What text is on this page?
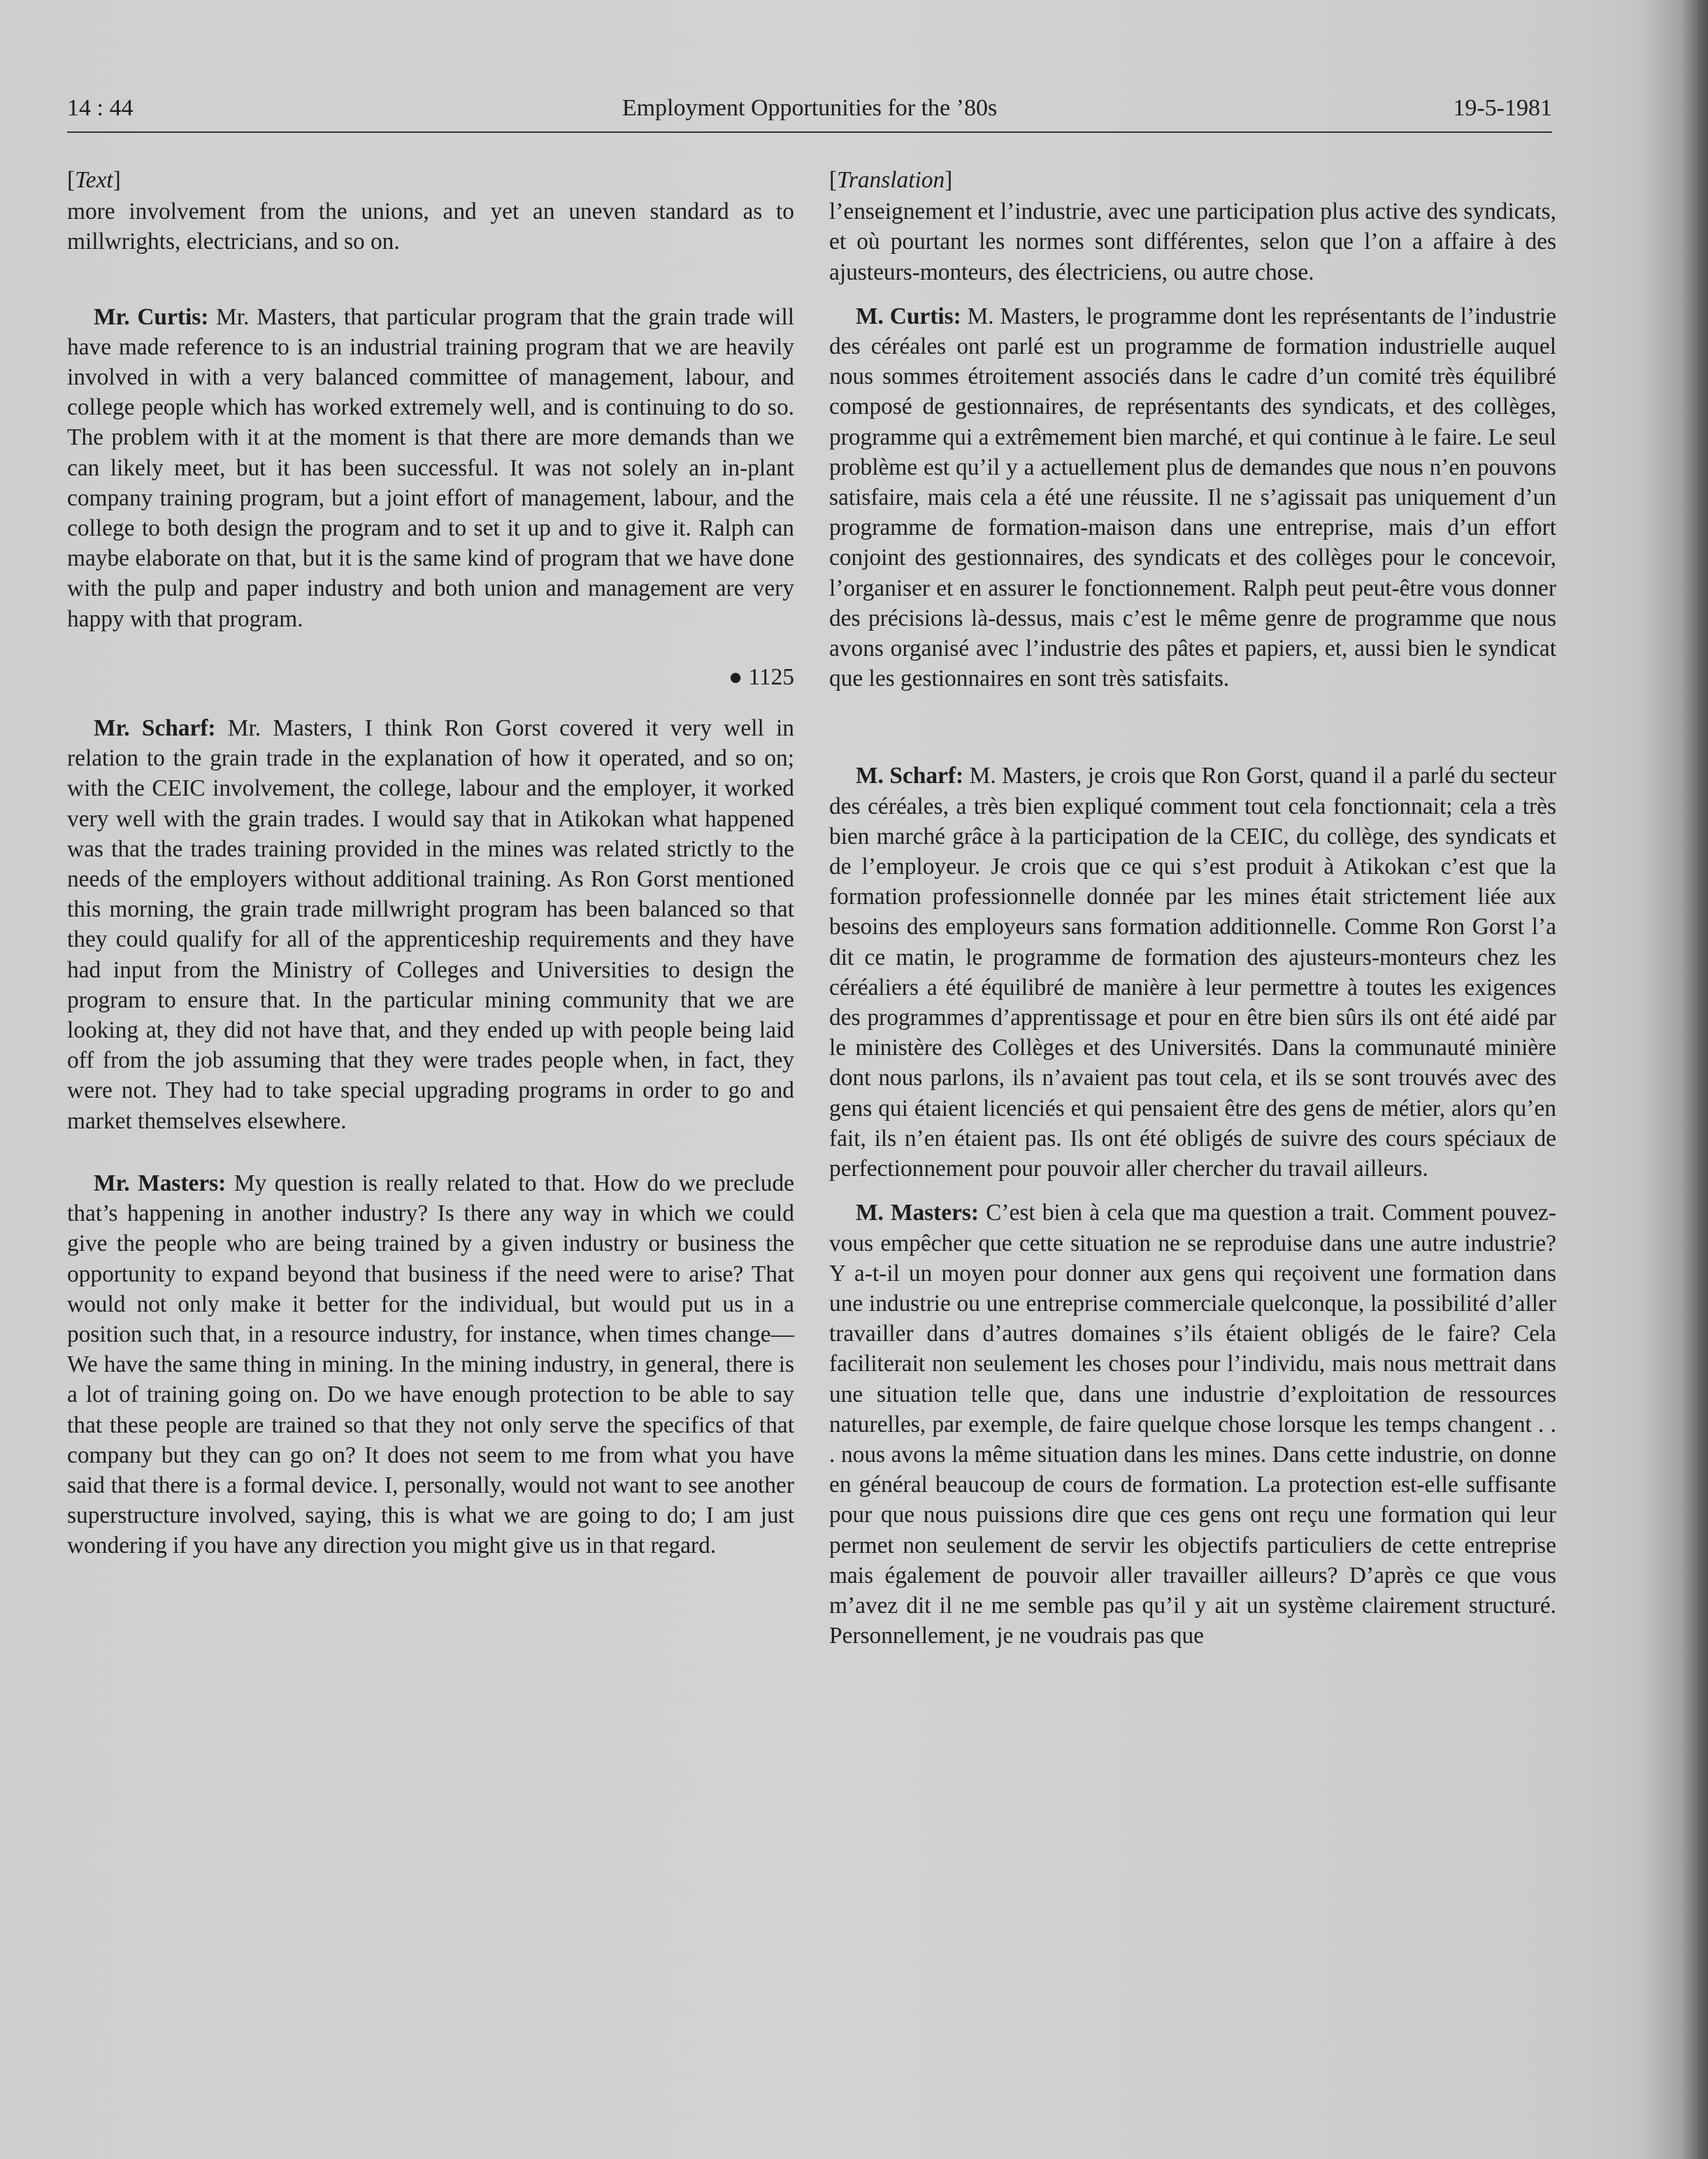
14 : 44	Employment Opportunities for the ’80s	19-5-1981
[Text]

more involvement from the unions, and yet an uneven standard as to millwrights, electricians, and so on.

Mr. Curtis: Mr. Masters, that particular program that the grain trade will have made reference to is an industrial training program that we are heavily involved in with a very balanced committee of management, labour, and college people which has worked extremely well, and is continuing to do so. The problem with it at the moment is that there are more demands than we can likely meet, but it has been successful. It was not solely an in-plant company training program, but a joint effort of management, labour, and the college to both design the program and to set it up and to give it. Ralph can maybe elaborate on that, but it is the same kind of program that we have done with the pulp and paper industry and both union and management are very happy with that program.

● 1125

Mr. Scharf: Mr. Masters, I think Ron Gorst covered it very well in relation to the grain trade in the explanation of how it operated, and so on; with the CEIC involvement, the college, labour and the employer, it worked very well with the grain trades. I would say that in Atikokan what happened was that the trades training provided in the mines was related strictly to the needs of the employers without additional training. As Ron Gorst mentioned this morning, the grain trade millwright program has been balanced so that they could qualify for all of the apprenticeship requirements and they have had input from the Ministry of Colleges and Universities to design the program to ensure that. In the particular mining community that we are looking at, they did not have that, and they ended up with people being laid off from the job assuming that they were trades people when, in fact, they were not. They had to take special upgrading programs in order to go and market themselves elsewhere.

Mr. Masters: My question is really related to that. How do we preclude that’s happening in another industry? Is there any way in which we could give the people who are being trained by a given industry or business the opportunity to expand beyond that business if the need were to arise? That would not only make it better for the individual, but would put us in a position such that, in a resource industry, for instance, when times change—We have the same thing in mining. In the mining industry, in general, there is a lot of training going on. Do we have enough protection to be able to say that these people are trained so that they not only serve the specifics of that company but they can go on? It does not seem to me from what you have said that there is a formal device. I, personally, would not want to see another superstructure involved, saying, this is what we are going to do; I am just wondering if you have any direction you might give us in that regard.

[Translation]

l’enseignement et l’industrie, avec une participation plus active des syndicats, et où pourtant les normes sont différentes, selon que l’on a affaire à des ajusteurs-monteurs, des électriciens, ou autre chose.

M. Curtis: M. Masters, le programme dont les représentants de l’industrie des céréales ont parlé est un programme de formation industrielle auquel nous sommes étroitement associés dans le cadre d’un comité très équilibré composé de gestionnaires, de représentants des syndicats, et des collèges, programme qui a extrêmement bien marché, et qui continue à le faire. Le seul problème est qu’il y a actuellement plus de demandes que nous n’en pouvons satisfaire, mais cela a été une réussite. Il ne s’agissait pas uniquement d’un programme de formation-maison dans une entreprise, mais d’un effort conjoint des gestionnaires, des syndicats et des collèges pour le concevoir, l’organiser et en assurer le fonctionnement. Ralph peut peut-être vous donner des précisions là-dessus, mais c’est le même genre de programme que nous avons organisé avec l’industrie des pâtes et papiers, et, aussi bien le syndicat que les gestionnaires en sont très satisfaits.

M. Scharf: M. Masters, je crois que Ron Gorst, quand il a parlé du secteur des céréales, a très bien expliqué comment tout cela fonctionnait; cela a très bien marché grâce à la participation de la CEIC, du collège, des syndicats et de l’employeur. Je crois que ce qui s’est produit à Atikokan c’est que la formation professionnelle donnée par les mines était strictement liée aux besoins des employeurs sans formation additionnelle. Comme Ron Gorst l’a dit ce matin, le programme de formation des ajusteurs-monteurs chez les céréaliers a été équilibré de manière à leur permettre à toutes les exigences des programmes d’apprentissage et pour en être bien sûrs ils ont été aidé par le ministère des Collèges et des Universités. Dans la communauté minière dont nous parlons, ils n’avaient pas tout cela, et ils se sont trouvés avec des gens qui étaient licenciés et qui pensaient être des gens de métier, alors qu’en fait, ils n’en étaient pas. Ils ont été obligés de suivre des cours spéciaux de perfectionnement pour pouvoir aller chercher du travail ailleurs.

M. Masters: C’est bien à cela que ma question a trait. Comment pouvez-vous empêcher que cette situation ne se reproduise dans une autre industrie? Y a-t-il un moyen pour donner aux gens qui reçoivent une formation dans une industrie ou une entreprise commerciale quelconque, la possibilité d’aller travailler dans d’autres domaines s’ils étaient obligés de le faire? Cela faciliterait non seulement les choses pour l’individu, mais nous mettrait dans une situation telle que, dans une industrie d’exploitation de ressources naturelles, par exemple, de faire quelque chose lorsque les temps changent . . . nous avons la même situation dans les mines. Dans cette industrie, on donne en général beaucoup de cours de formation. La protection est-elle suffisante pour que nous puissions dire que ces gens ont reçu une formation qui leur permet non seulement de servir les objectifs particuliers de cette entreprise mais également de pouvoir aller travailler ailleurs? D’après ce que vous m’avez dit il ne me semble pas qu’il y ait un système clairement structuré. Personnellement, je ne voudrais pas que
